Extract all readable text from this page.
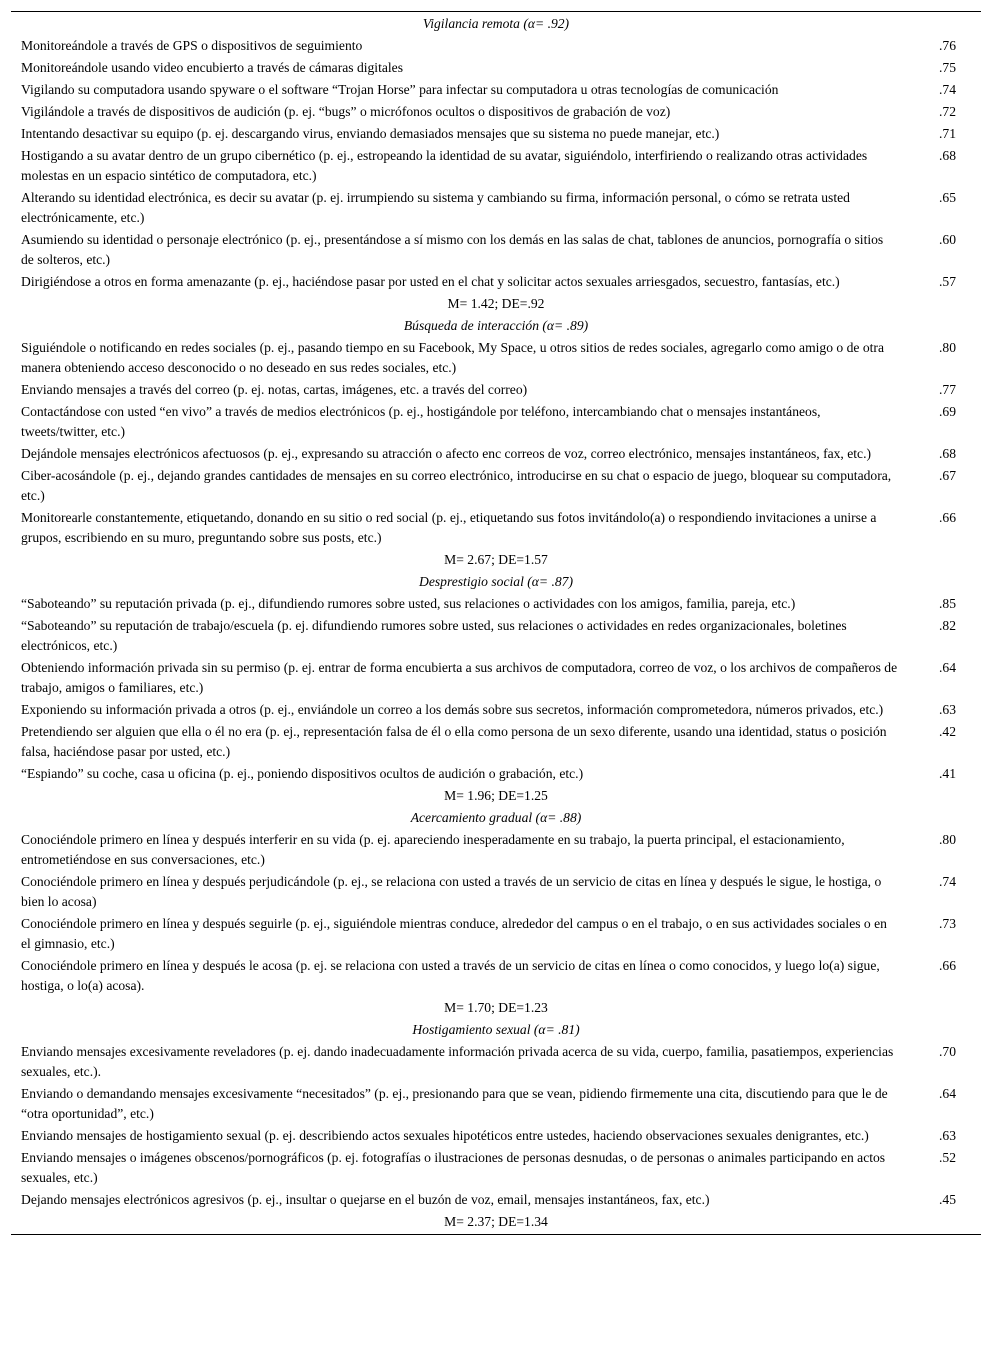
Vigilancia remota (α= .92)	
Monitoreándole a través de GPS o dispositivos de seguimiento	.76
Monitoreándole usando video encubierto a través de cámaras digitales	.75
Vigilando su computadora usando spyware o el software “Trojan Horse” para infectar su computadora u otras tecnologías de comunicación	.74
Vigilándole a través de dispositivos de audición (p. ej. “bugs” o micrófonos ocultos o dispositivos de grabación de voz)	.72
Intentando desactivar su equipo (p. ej. descargando virus, enviando demasiados mensajes que su sistema no puede manejar, etc.)	.71
Hostigando a su avatar dentro de un grupo cibernético (p. ej., estropeando la identidad de su avatar, siguiéndolo, interfiriendo o realizando otras actividades molestas en un espacio sintético de computadora, etc.)	.68
Alterando su identidad electrónica, es decir su avatar (p. ej. irrumpiendo su sistema y cambiando su firma, información personal, o cómo se retrata usted electrónicamente, etc.)	.65
Asumiendo su identidad o personaje electrónico (p. ej., presentándose a sí mismo con los demás en las salas de chat, tablones de anuncios, pornografía o sitios de solteros, etc.)	.60
Dirigiéndose a otros en forma amenazante (p. ej., haciéndose pasar por usted en el chat y solicitar actos sexuales arriesgados, secuestro, fantasías, etc.)	.57
M= 1.42; DE=.92	
Búsqueda de interacción (α= .89)	
Siguiéndole o notificando en redes sociales (p. ej., pasando tiempo en su Facebook, My Space, u otros sitios de redes sociales, agregarlo como amigo o de otra manera obteniendo acceso desconocido o no deseado en sus redes sociales, etc.)	.80
Enviando mensajes a través del correo (p. ej. notas, cartas, imágenes, etc. a través del correo)	.77
Contactándose con usted “en vivo” a través de medios electrónicos (p. ej., hostigándole por teléfono, intercambiando chat o mensajes instantáneos, tweets/twitter, etc.)	.69
Dejándole mensajes electrónicos afectuosos (p. ej., expresando su atracción o afecto enc correos de voz, correo electrónico, mensajes instantáneos, fax, etc.)	.68
Ciber-acosándole (p. ej., dejando grandes cantidades de mensajes en su correo electrónico, introducirse en su chat o espacio de juego, bloquear su computadora, etc.)	.67
Monitorearle constantemente, etiquetando, donando en su sitio o red social (p. ej., etiquetando sus fotos invitándolo(a) o respondiendo invitaciones a unirse a grupos, escribiendo en su muro, preguntando sobre sus posts, etc.)	.66
M= 2.67; DE=1.57	
Desprestigio social (α= .87)	
“Saboteando” su reputación privada (p. ej., difundiendo rumores sobre usted, sus relaciones o actividades con los amigos, familia, pareja, etc.)	.85
“Saboteando” su reputación de trabajo/escuela (p. ej. difundiendo rumores sobre usted, sus relaciones o actividades en redes organizacionales, boletines electrónicos, etc.)	.82
Obteniendo información privada sin su permiso (p. ej. entrar de forma encubierta a sus archivos de computadora, correo de voz, o los archivos de compañeros de trabajo, amigos o familiares, etc.)	.64
Exponiendo su información privada a otros (p. ej., enviándole un correo a los demás sobre sus secretos, información comprometedora, números privados, etc.)	.63
Pretendiendo ser alguien que ella o él no era (p. ej., representación falsa de él o ella como persona de un sexo diferente, usando una identidad, status o posición falsa, haciéndose pasar por usted, etc.)	.42
“Espiando” su coche, casa u oficina (p. ej., poniendo dispositivos ocultos de audición o grabación, etc.)	.41
M= 1.96; DE=1.25	
Acercamiento gradual (α= .88)	
Conociéndole primero en línea y después interferir en su vida (p. ej. apareciendo inesperadamente en su trabajo, la puerta principal, el estacionamiento, entrometiéndose en sus conversaciones, etc.)	.80
Conociéndole primero en línea y después perjudicándole (p. ej., se relaciona con usted a través de un servicio de citas en línea y después le sigue, le hostiga, o bien lo acosa)	.74
Conociéndole primero en línea y después seguirle (p. ej., siguiéndole mientras conduce, alrededor del campus o en el trabajo, o en sus actividades sociales o en el gimnasio, etc.)	.73
Conociéndole primero en línea y después le acosa (p. ej. se relaciona con usted a través de un servicio de citas en línea o como conocidos, y luego lo(a) sigue, hostiga, o lo(a) acosa).	.66
M= 1.70; DE=1.23	
Hostigamiento sexual (α= .81)	
Enviando mensajes excesivamente reveladores (p. ej. dando inadecuadamente información privada acerca de su vida, cuerpo, familia, pasatiempos, experiencias sexuales, etc.).	.70
Enviando o demandando mensajes excesivamente “necesitados” (p. ej., presionando para que se vean, pidiendo firmemente una cita, discutiendo para que le de “otra oportunidad”, etc.)	.64
Enviando mensajes de hostigamiento sexual (p. ej. describiendo actos sexuales hipotéticos entre ustedes, haciendo observaciones sexuales denigrantes, etc.)	.63
Enviando mensajes o imágenes obscenos/pornográficos (p. ej. fotografías o ilustraciones de personas desnudas, o de personas o animales participando en actos sexuales, etc.)	.52
Dejando mensajes electrónicos agresivos (p. ej., insultar o quejarse en el buzón de voz, email, mensajes instantáneos, fax, etc.)	.45
M= 2.37; DE=1.34	
